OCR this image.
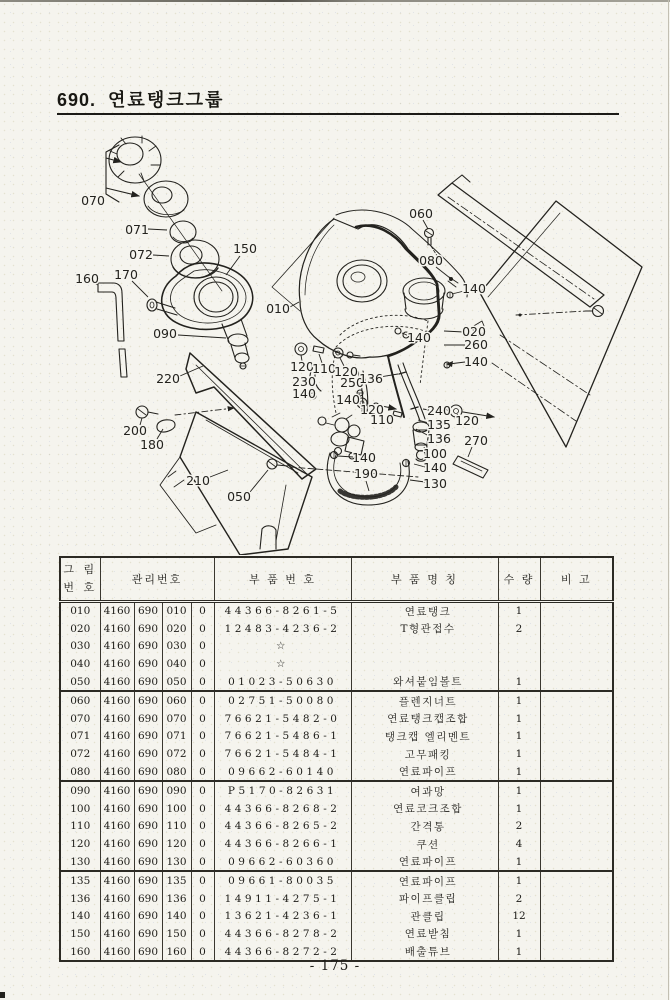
690. 연료탱크그룹
070
071
072	150
160 170
090
010
220
200
180
210
050
060
080
140
020
260
140
140
120
110
120
230 250
136
140 140
120
110
240
120
135
136 270
100
140
190	140
130
그 림
번 호	관리번호				부 품 번 호	부 품 명 칭	수 량	비 고
010	4160	690	010	0	44366-8261-5	연료탱크	1	
020	4160	690	020	0	12483-4236-2	T형관접수	2	
030	4160	690	030	0	☆			
040	4160	690	040	0	☆			
050	4160	690	050	0	01023-50630	와셔붙임볼트	1	
060	4160	690	060	0	02751-50080	플렌지너트	1	
070	4160	690	070	0	76621-5482-0	연료탱크캡조합	1	
071	4160	690	071	0	76621-5486-1	탱크캡 엘리멘트	1	
072	4160	690	072	0	76621-5484-1	고무패킹	1	
080	4160	690	080	0	09662-60140	연료파이프	1	
090	4160	690	090	0	P5170-82631	여과망	1	
100	4160	690	100	0	44366-8268-2	연료코크조합	1	
110	4160	690	110	0	44366-8265-2	간격통	2	
120	4160	690	120	0	44366-8266-1	쿠션	4	
130	4160	690	130	0	09662-60360	연료파이프	1	
135	4160	690	135	0	09661-80035	연료파이프	1	
136	4160	690	136	0	14911-4275-1	파이프클립	2	
140	4160	690	140	0	13621-4236-1	관클립	12	
150	4160	690	150	0	44366-8278-2	연료받침	1	
160	4160	690	160	0	44366-8272-2	배출튜브	1	
- 175 -
